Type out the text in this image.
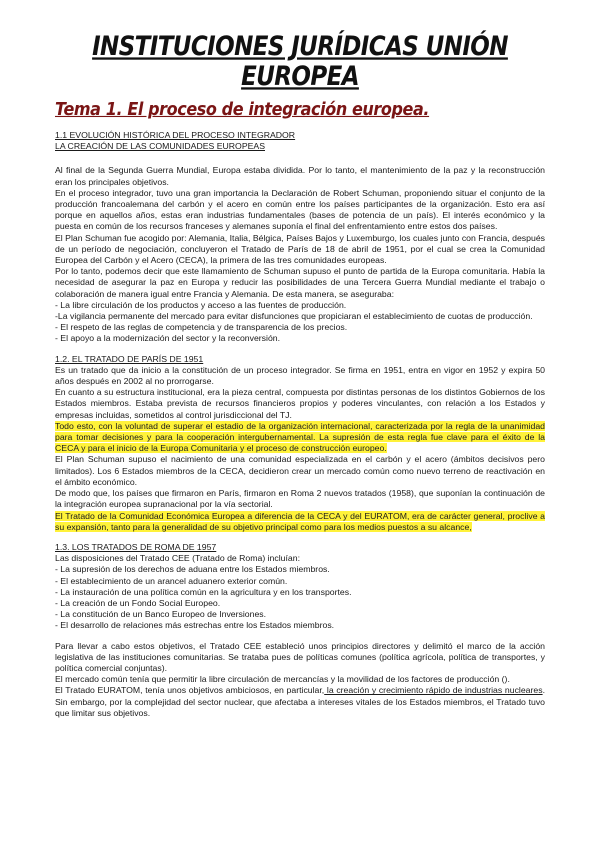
INSTITUCIONES JURÍDICAS UNIÓN EUROPEA
Tema 1. El proceso de integración europea.

1.1 EVOLUCIÓN HISTÓRICA DEL PROCESO INTEGRADOR

LA CREACIÓN DE LAS COMUNIDADES EUROPEAS

Al final de la Segunda Guerra Mundial, Europa estaba dividida. Por lo tanto, el mantenimiento de la paz y la reconstrucción eran los principales objetivos.

En el proceso integrador, tuvo una gran importancia la Declaración de Robert Schuman, proponiendo situar el conjunto de la producción francoalemana del carbón y el acero en común entre los países participantes de la organización. Esto era así porque en aquellos años, estas eran industrias fundamentales (bases de potencia de un país). El interés económico y la puesta en común de los recursos franceses y alemanes suponía el final del enfrentamiento entre estos dos países.

El Plan Schuman fue acogido por: Alemania, Italia, Bélgica, Países Bajos y Luxemburgo, los cuales junto con Francia, después de un período de negociación, concluyeron el Tratado de París de 18 de abril de 1951, por el cual se crea la Comunidad Europea del Carbón y el Acero (CECA), la primera de las tres comunidades europeas.

Por lo tanto, podemos decir que este llamamiento de Schuman supuso el punto de partida de la Europa comunitaria. Había la necesidad de asegurar la paz en Europa y reducir las posibilidades de una Tercera Guerra Mundial mediante el trabajo o colaboración de manera igual entre Francia y Alemania. De esta manera, se aseguraba:

- La libre circulación de los productos y acceso a las fuentes de producción.

-La vigilancia permanente del mercado para evitar disfunciones que propiciaran el establecimiento de cuotas de producción.

- El respeto de las reglas de competencia y de transparencia de los precios.

- El apoyo a la modernización del sector y la reconversión.

1.2. EL TRATADO DE PARÍS DE 1951

Es un tratado que da inicio a la constitución de un proceso integrador. Se firma en 1951, entra en vigor en 1952 y expira 50 años después en 2002 al no prorrogarse.

En cuanto a su estructura institucional, era la pieza central, compuesta por distintas personas de los distintos Gobiernos de los Estados miembros. Estaba prevista de recursos financieros propios y poderes vinculantes, con relación a los Estados y empresas incluidas, sometidos al control jurisdiccional del TJ.

Todo esto, con la voluntad de superar el estadio de la organización internacional, caracterizada por la regla de la unanimidad para tomar decisiones y para la cooperación intergubernamental. La supresión de esta regla fue clave para el éxito de la CECA y para el inicio de la Europa Comunitaria y el proceso de construcción europeo.

El Plan Schuman supuso el nacimiento de una comunidad especializada en el carbón y el acero (ámbitos decisivos pero limitados). Los 6 Estados miembros de la CECA, decidieron crear un mercado común como nuevo terreno de reactivación en el ámbito económico.

De modo que, los países que firmaron en París, firmaron en Roma 2 nuevos tratados (1958), que suponían la continuación de la integración europea supranacional por la vía sectorial.

El Tratado de la Comunidad Económica Europea a diferencia de la CECA y del EURATOM, era de carácter general, proclive a su expansión, tanto para la generalidad de su objetivo principal como para los medios puestos a su alcance,

1.3. LOS TRATADOS DE ROMA DE 1957

Las disposiciones del Tratado CEE (Tratado de Roma) incluían:

- La supresión de los derechos de aduana entre los Estados miembros.

- El establecimiento de un arancel aduanero exterior común.

- La instauración de una política común en la agricultura y en los transportes.

- La creación de un Fondo Social Europeo.

- La constitución de un Banco Europeo de Inversiones.

- El desarrollo de relaciones más estrechas entre los Estados miembros.

Para llevar a cabo estos objetivos, el Tratado CEE estableció unos principios directores y delimitó el marco de la acción legislativa de las instituciones comunitarias. Se trataba pues de políticas comunes (política agrícola, política de transportes, y política comercial conjuntas).

El mercado común tenía que permitir la libre circulación de mercancías y la movilidad de los factores de producción ().

El Tratado EURATOM, tenía unos objetivos ambiciosos, en particular, la creación y crecimiento rápido de industrias nucleares. Sin embargo, por la complejidad del sector nuclear, que afectaba a intereses vitales de los Estados miembros, el Tratado tuvo que limitar sus objetivos.
